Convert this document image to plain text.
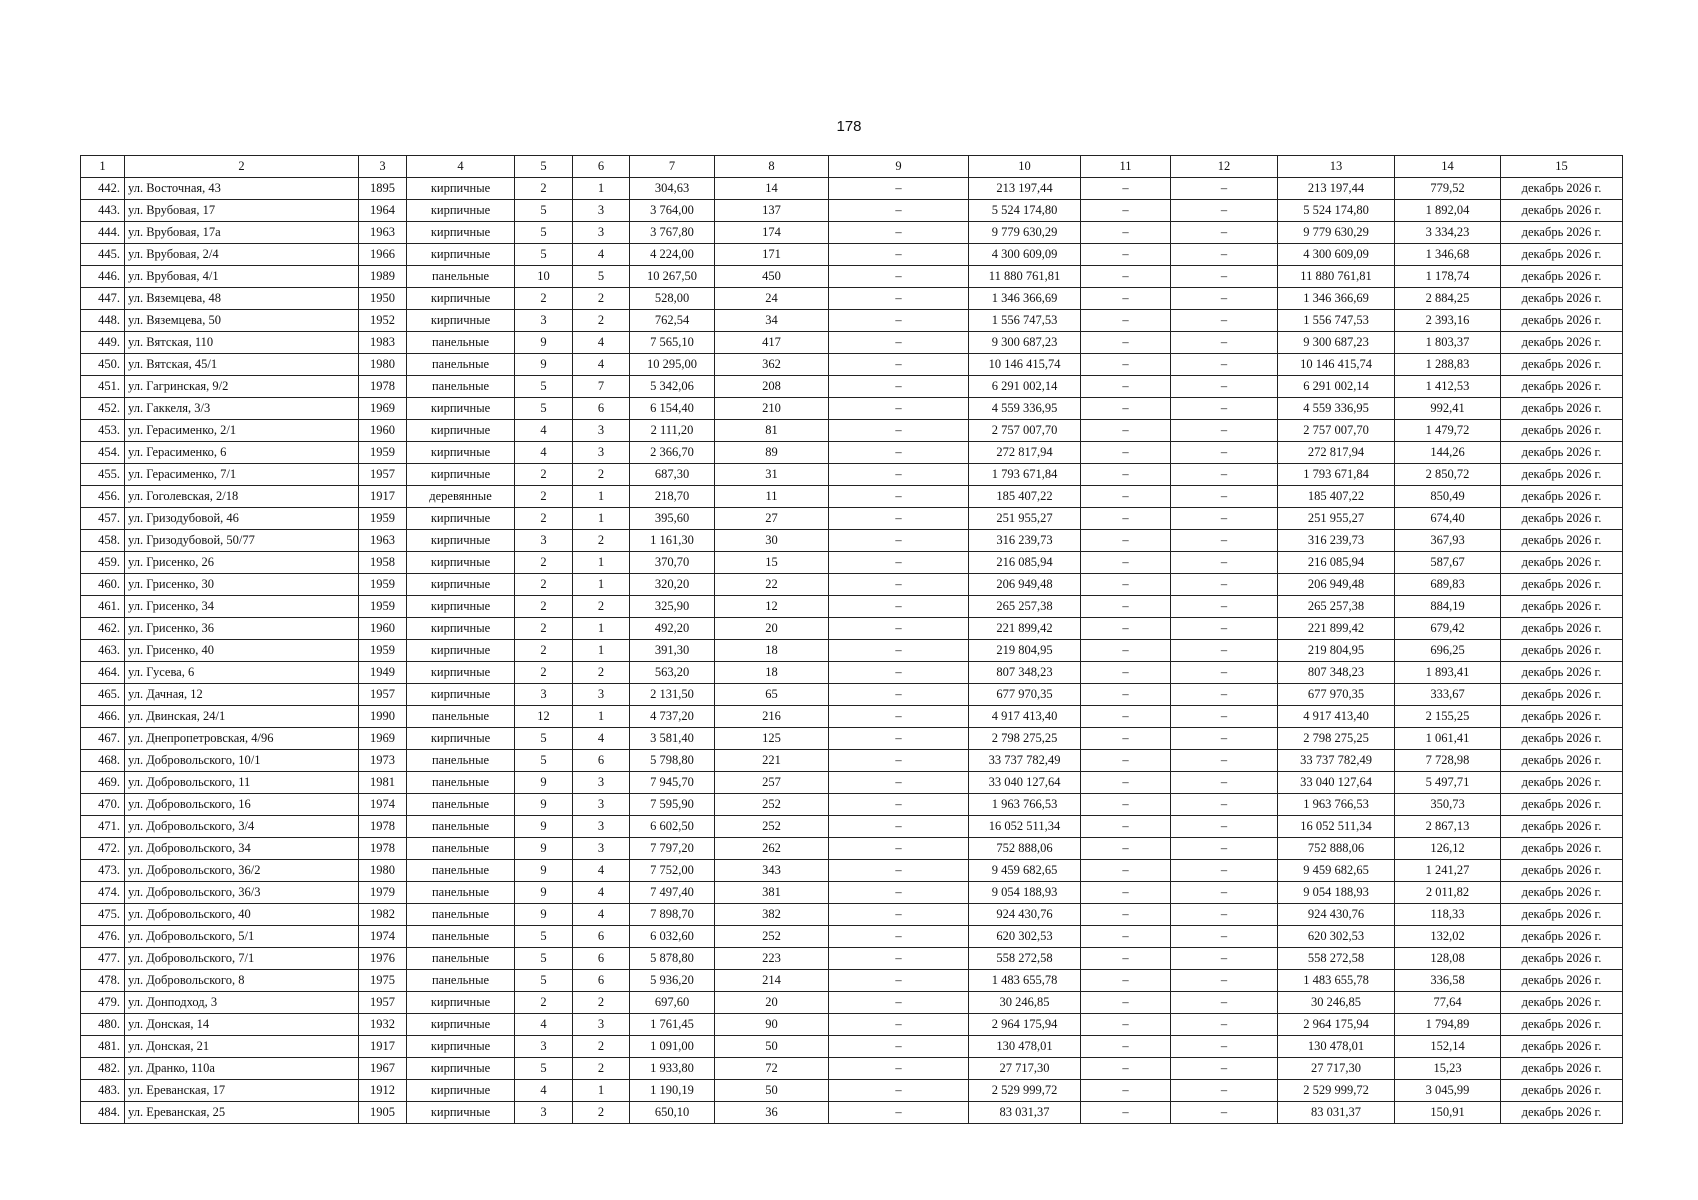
178
1	2	3	4	5	6	7	8	9	10	11	12	13	14	15
442.	ул. Восточная, 43	1895	кирпичные	2	1	304,63	14	–	213 197,44	–	–	213 197,44	779,52	декабрь 2026 г.
443.	ул. Врубовая, 17	1964	кирпичные	5	3	3 764,00	137	–	5 524 174,80	–	–	5 524 174,80	1 892,04	декабрь 2026 г.
444.	ул. Врубовая, 17а	1963	кирпичные	5	3	3 767,80	174	–	9 779 630,29	–	–	9 779 630,29	3 334,23	декабрь 2026 г.
445.	ул. Врубовая, 2/4	1966	кирпичные	5	4	4 224,00	171	–	4 300 609,09	–	–	4 300 609,09	1 346,68	декабрь 2026 г.
446.	ул. Врубовая, 4/1	1989	панельные	10	5	10 267,50	450	–	11 880 761,81	–	–	11 880 761,81	1 178,74	декабрь 2026 г.
447.	ул. Вяземцева, 48	1950	кирпичные	2	2	528,00	24	–	1 346 366,69	–	–	1 346 366,69	2 884,25	декабрь 2026 г.
448.	ул. Вяземцева, 50	1952	кирпичные	3	2	762,54	34	–	1 556 747,53	–	–	1 556 747,53	2 393,16	декабрь 2026 г.
449.	ул. Вятская, 110	1983	панельные	9	4	7 565,10	417	–	9 300 687,23	–	–	9 300 687,23	1 803,37	декабрь 2026 г.
450.	ул. Вятская, 45/1	1980	панельные	9	4	10 295,00	362	–	10 146 415,74	–	–	10 146 415,74	1 288,83	декабрь 2026 г.
451.	ул. Гагринская, 9/2	1978	панельные	5	7	5 342,06	208	–	6 291 002,14	–	–	6 291 002,14	1 412,53	декабрь 2026 г.
452.	ул. Гаккеля, 3/3	1969	кирпичные	5	6	6 154,40	210	–	4 559 336,95	–	–	4 559 336,95	992,41	декабрь 2026 г.
453.	ул. Герасименко, 2/1	1960	кирпичные	4	3	2 111,20	81	–	2 757 007,70	–	–	2 757 007,70	1 479,72	декабрь 2026 г.
454.	ул. Герасименко, 6	1959	кирпичные	4	3	2 366,70	89	–	272 817,94	–	–	272 817,94	144,26	декабрь 2026 г.
455.	ул. Герасименко, 7/1	1957	кирпичные	2	2	687,30	31	–	1 793 671,84	–	–	1 793 671,84	2 850,72	декабрь 2026 г.
456.	ул. Гоголевская, 2/18	1917	деревянные	2	1	218,70	11	–	185 407,22	–	–	185 407,22	850,49	декабрь 2026 г.
457.	ул. Гризодубовой, 46	1959	кирпичные	2	1	395,60	27	–	251 955,27	–	–	251 955,27	674,40	декабрь 2026 г.
458.	ул. Гризодубовой, 50/77	1963	кирпичные	3	2	1 161,30	30	–	316 239,73	–	–	316 239,73	367,93	декабрь 2026 г.
459.	ул. Грисенко, 26	1958	кирпичные	2	1	370,70	15	–	216 085,94	–	–	216 085,94	587,67	декабрь 2026 г.
460.	ул. Грисенко, 30	1959	кирпичные	2	1	320,20	22	–	206 949,48	–	–	206 949,48	689,83	декабрь 2026 г.
461.	ул. Грисенко, 34	1959	кирпичные	2	2	325,90	12	–	265 257,38	–	–	265 257,38	884,19	декабрь 2026 г.
462.	ул. Грисенко, 36	1960	кирпичные	2	1	492,20	20	–	221 899,42	–	–	221 899,42	679,42	декабрь 2026 г.
463.	ул. Грисенко, 40	1959	кирпичные	2	1	391,30	18	–	219 804,95	–	–	219 804,95	696,25	декабрь 2026 г.
464.	ул. Гусева, 6	1949	кирпичные	2	2	563,20	18	–	807 348,23	–	–	807 348,23	1 893,41	декабрь 2026 г.
465.	ул. Дачная, 12	1957	кирпичные	3	3	2 131,50	65	–	677 970,35	–	–	677 970,35	333,67	декабрь 2026 г.
466.	ул. Двинская, 24/1	1990	панельные	12	1	4 737,20	216	–	4 917 413,40	–	–	4 917 413,40	2 155,25	декабрь 2026 г.
467.	ул. Днепропетровская, 4/96	1969	кирпичные	5	4	3 581,40	125	–	2 798 275,25	–	–	2 798 275,25	1 061,41	декабрь 2026 г.
468.	ул. Добровольского, 10/1	1973	панельные	5	6	5 798,80	221	–	33 737 782,49	–	–	33 737 782,49	7 728,98	декабрь 2026 г.
469.	ул. Добровольского, 11	1981	панельные	9	3	7 945,70	257	–	33 040 127,64	–	–	33 040 127,64	5 497,71	декабрь 2026 г.
470.	ул. Добровольского, 16	1974	панельные	9	3	7 595,90	252	–	1 963 766,53	–	–	1 963 766,53	350,73	декабрь 2026 г.
471.	ул. Добровольского, 3/4	1978	панельные	9	3	6 602,50	252	–	16 052 511,34	–	–	16 052 511,34	2 867,13	декабрь 2026 г.
472.	ул. Добровольского, 34	1978	панельные	9	3	7 797,20	262	–	752 888,06	–	–	752 888,06	126,12	декабрь 2026 г.
473.	ул. Добровольского, 36/2	1980	панельные	9	4	7 752,00	343	–	9 459 682,65	–	–	9 459 682,65	1 241,27	декабрь 2026 г.
474.	ул. Добровольского, 36/3	1979	панельные	9	4	7 497,40	381	–	9 054 188,93	–	–	9 054 188,93	2 011,82	декабрь 2026 г.
475.	ул. Добровольского, 40	1982	панельные	9	4	7 898,70	382	–	924 430,76	–	–	924 430,76	118,33	декабрь 2026 г.
476.	ул. Добровольского, 5/1	1974	панельные	5	6	6 032,60	252	–	620 302,53	–	–	620 302,53	132,02	декабрь 2026 г.
477.	ул. Добровольского, 7/1	1976	панельные	5	6	5 878,80	223	–	558 272,58	–	–	558 272,58	128,08	декабрь 2026 г.
478.	ул. Добровольского, 8	1975	панельные	5	6	5 936,20	214	–	1 483 655,78	–	–	1 483 655,78	336,58	декабрь 2026 г.
479.	ул. Донподход, 3	1957	кирпичные	2	2	697,60	20	–	30 246,85	–	–	30 246,85	77,64	декабрь 2026 г.
480.	ул. Донская, 14	1932	кирпичные	4	3	1 761,45	90	–	2 964 175,94	–	–	2 964 175,94	1 794,89	декабрь 2026 г.
481.	ул. Донская, 21	1917	кирпичные	3	2	1 091,00	50	–	130 478,01	–	–	130 478,01	152,14	декабрь 2026 г.
482.	ул. Дранко, 110а	1967	кирпичные	5	2	1 933,80	72	–	27 717,30	–	–	27 717,30	15,23	декабрь 2026 г.
483.	ул. Ереванская, 17	1912	кирпичные	4	1	1 190,19	50	–	2 529 999,72	–	–	2 529 999,72	3 045,99	декабрь 2026 г.
484.	ул. Ереванская, 25	1905	кирпичные	3	2	650,10	36	–	83 031,37	–	–	83 031,37	150,91	декабрь 2026 г.
